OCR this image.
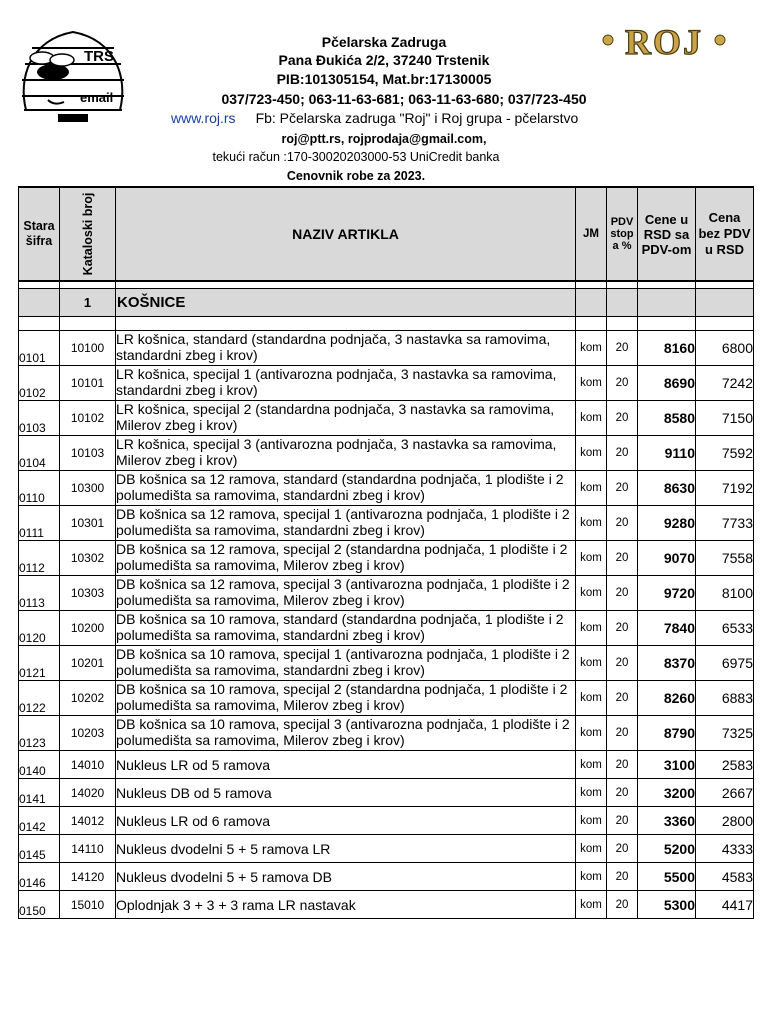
TRS
email
ROJ
Pčelarska Zadruga
Pana Đukića 2/2, 37240 Trstenik
PIB:101305154, Mat.br:17130005
037/723-450; 063-11-63-681; 063-11-63-680; 037/723-450
www.roj.rs Fb: Pčelarska zadruga "Roj" i Roj grupa - pčelarstvo
roj@ptt.rs, rojprodaja@gmail.com,
tekući račun :170-30020203000-53 UniCredit banka
Cenovnik robe za 2023.
Stara šifra	Kataloski broj	NAZIV ARTIKLA	JM	PDV stop a %	Cene u RSD sa PDV-om	Cena bez PDV u RSD

	1	KOŠNICE				

0101	10100	LR košnica, standard (standardna podnjača, 3 nastavka sa ramovima, standardni zbeg i krov)	kom	20	8160	6800
0102	10101	LR košnica, specijal 1 (antivarozna podnjača, 3 nastavka sa ramovima, standardni zbeg i krov)	kom	20	8690	7242
0103	10102	LR košnica, specijal 2 (standardna podnjača, 3 nastavka sa ramovima, Milerov zbeg i krov)	kom	20	8580	7150
0104	10103	LR košnica, specijal 3 (antivarozna podnjača, 3 nastavka sa ramovima, Milerov zbeg i krov)	kom	20	9110	7592
0110	10300	DB košnica sa 12 ramova, standard (standardna podnjača, 1 plodište i 2 polumedišta sa ramovima, standardni zbeg i krov)	kom	20	8630	7192
0111	10301	DB košnica sa 12 ramova, specijal 1 (antivarozna podnjača, 1 plodište i 2 polumedišta sa ramovima, standardni zbeg i krov)	kom	20	9280	7733
0112	10302	DB košnica sa 12 ramova, specijal 2 (standardna podnjača, 1 plodište i 2 polumedišta sa ramovima, Milerov zbeg i krov)	kom	20	9070	7558
0113	10303	DB košnica sa 12 ramova, specijal 3 (antivarozna podnjača, 1 plodište i 2 polumedišta sa ramovima, Milerov zbeg i krov)	kom	20	9720	8100
0120	10200	DB košnica sa 10 ramova, standard (standardna podnjača, 1 plodište i 2 polumedišta sa ramovima, standardni zbeg i krov)	kom	20	7840	6533
0121	10201	DB košnica sa 10 ramova, specijal 1 (antivarozna podnjača, 1 plodište i 2 polumedišta sa ramovima, standardni zbeg i krov)	kom	20	8370	6975
0122	10202	DB košnica sa 10 ramova, specijal 2 (standardna podnjača, 1 plodište i 2 polumedišta sa ramovima, Milerov zbeg i krov)	kom	20	8260	6883
0123	10203	DB košnica sa 10 ramova, specijal 3 (antivarozna podnjača, 1 plodište i 2 polumedišta sa ramovima, Milerov zbeg i krov)	kom	20	8790	7325
0140	14010	Nukleus LR od 5 ramova	kom	20	3100	2583
0141	14020	Nukleus DB od 5 ramova	kom	20	3200	2667
0142	14012	Nukleus LR od 6 ramova	kom	20	3360	2800
0145	14110	Nukleus dvodelni 5 + 5 ramova LR	kom	20	5200	4333
0146	14120	Nukleus dvodelni 5 + 5 ramova DB	kom	20	5500	4583
0150	15010	Oplodnjak 3 + 3 + 3 rama LR nastavak	kom	20	5300	4417
